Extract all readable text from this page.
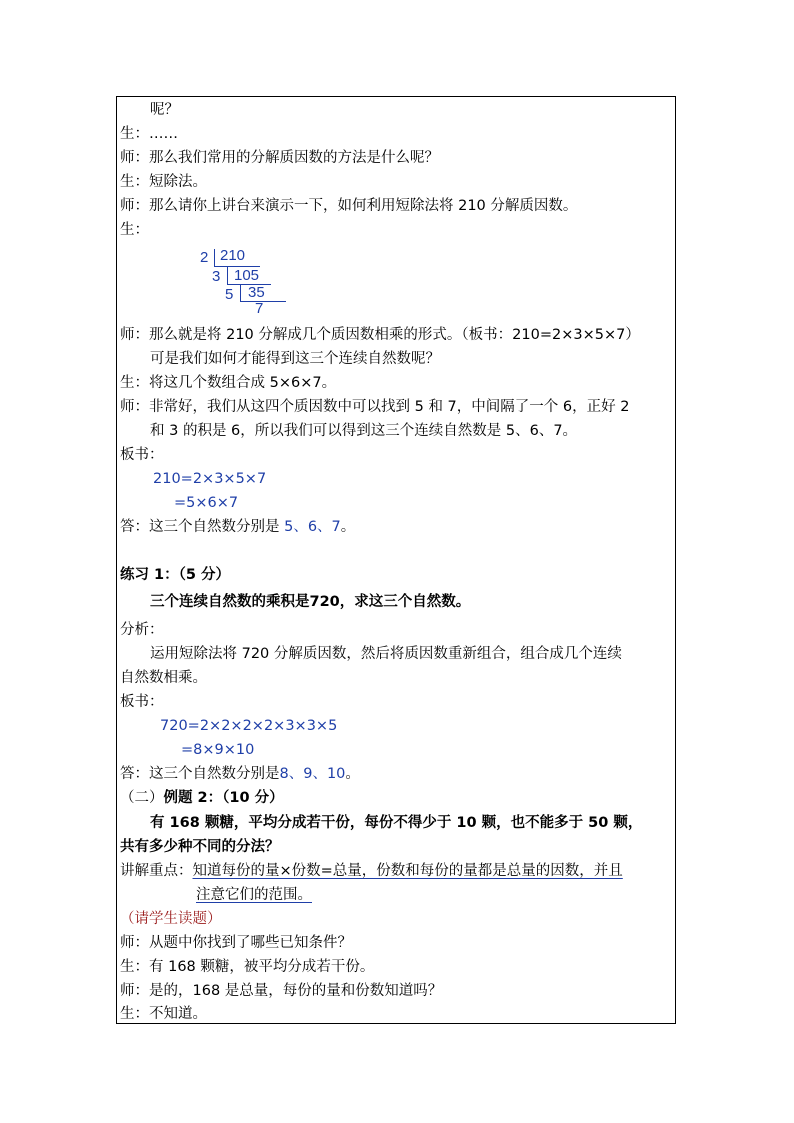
呢？
生：……
师：那么我们常用的分解质因数的方法是什么呢？
生：短除法。
师：那么请你上讲台来演示一下，如何利用短除法将 210 分解质因数。
生：
2 210
3 105
5 35
7
师：那么就是将 210 分解成几个质因数相乘的形式。（板书：210=2×3×5×7）
可是我们如何才能得到这三个连续自然数呢？
生：将这几个数组合成 5×6×7。
师：非常好，我们从这四个质因数中可以找到 5 和 7，中间隔了一个 6，正好 2
和 3 的积是 6，所以我们可以得到这三个连续自然数是 5、6、7。
板书：
210=2×3×5×7
=5×6×7
答：这三个自然数分别是 5、6、7。
练习 1：（5 分）
三个连续自然数的乘积是720，求这三个自然数。
分析：
运用短除法将 720 分解质因数，然后将质因数重新组合，组合成几个连续
自然数相乘。
板书：
720=2×2×2×2×3×3×5
=8×9×10
答：这三个自然数分别是8、9、10。
（二）例题 2：（10 分）
有 168 颗糖，平均分成若干份，每份不得少于 10 颗，也不能多于 50 颗，
共有多少种不同的分法？
讲解重点：知道每份的量×份数=总量，份数和每份的量都是总量的因数，并且
注意它们的范围。
（请学生读题）
师：从题中你找到了哪些已知条件？
生：有 168 颗糖，被平均分成若干份。
师：是的，168 是总量，每份的量和份数知道吗？
生：不知道。
